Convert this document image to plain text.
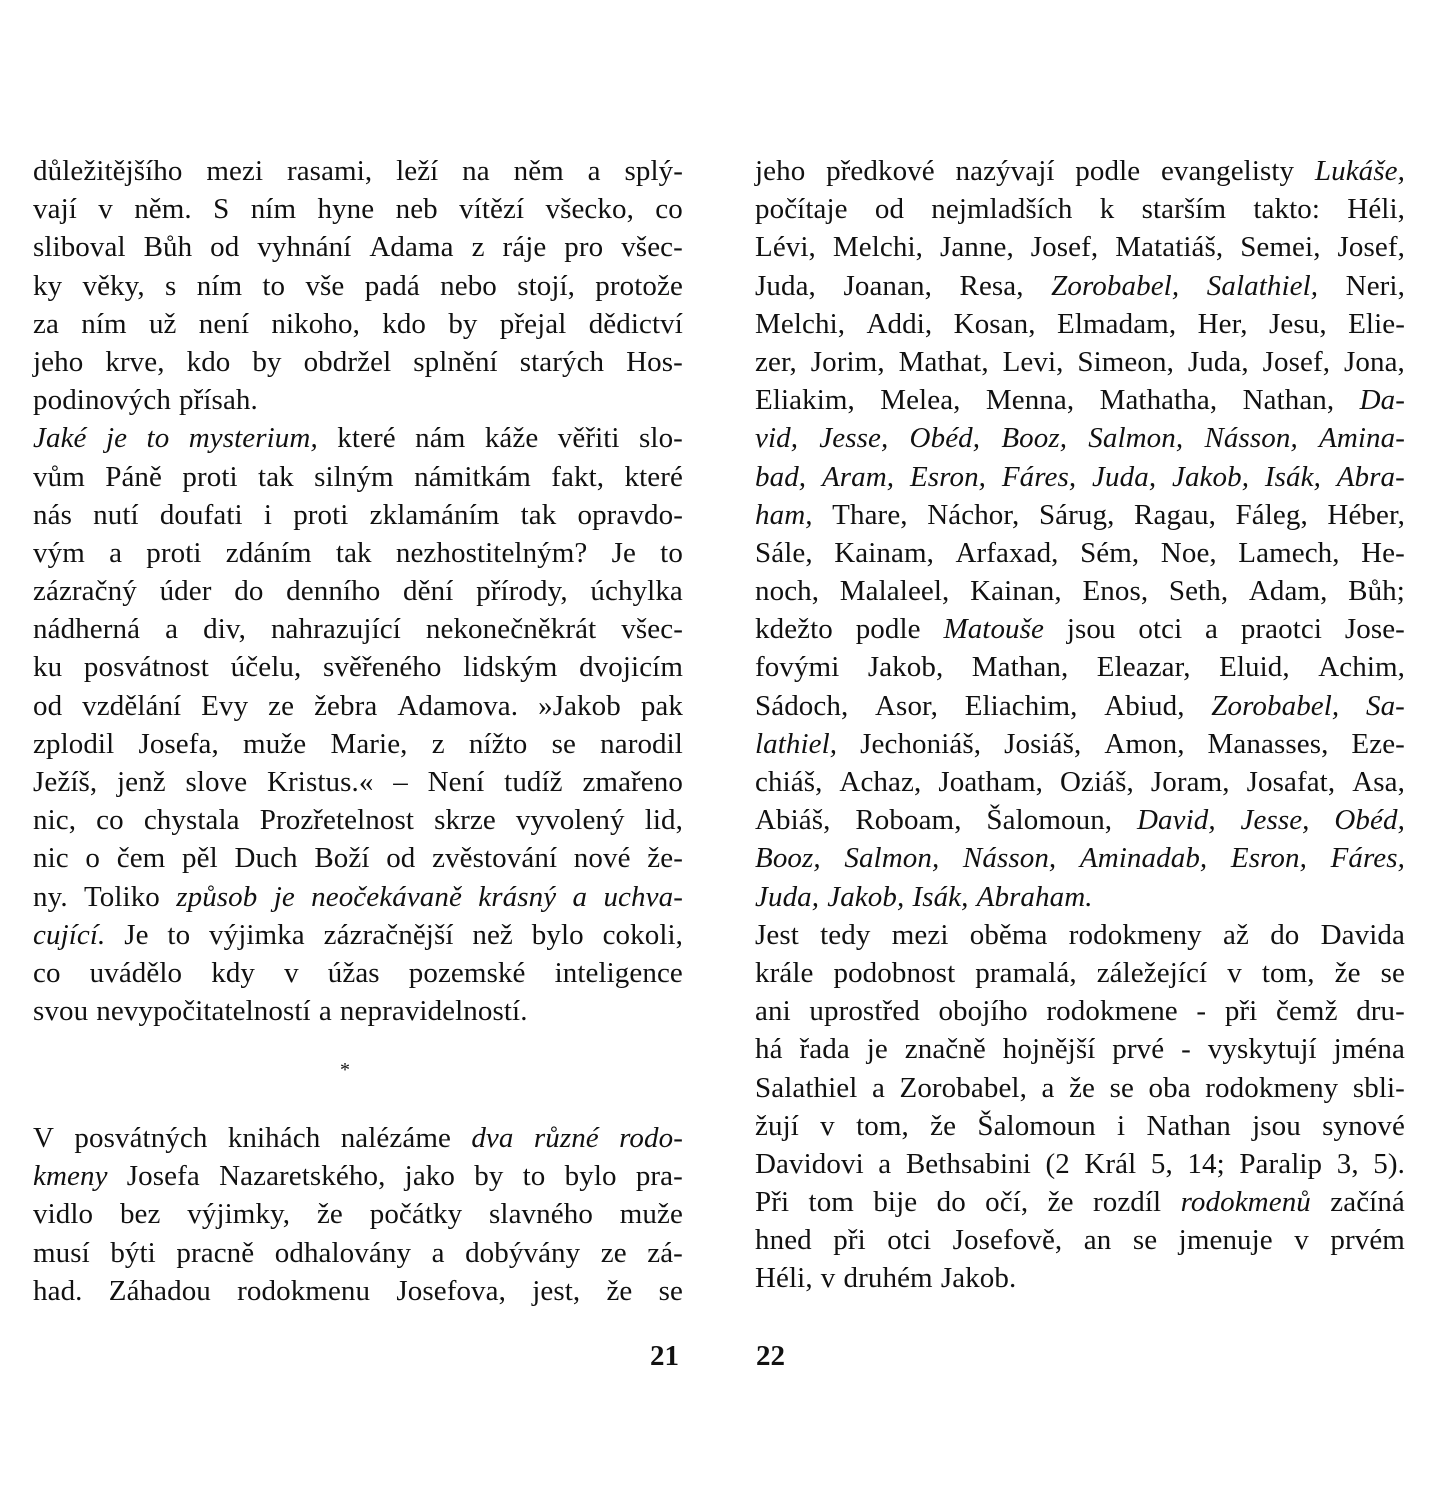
důležitějšího mezi rasami, leží na něm a splý-
vají v něm. S ním hyne neb vítězí všecko, co
sliboval Bůh od vyhnání Adama z ráje pro všec-
ky věky, s ním to vše padá nebo stojí, protože
za ním už není nikoho, kdo by přejal dědictví
jeho krve, kdo by obdržel splnění starých Hos-
podinových přísah.
Jaké je to mysterium, které nám káže věřiti slo-
vům Páně proti tak silným námitkám fakt, které
nás nutí doufati i proti zklamáním tak opravdo-
vým a proti zdáním tak nezhostitelným? Je to
zázračný úder do denního dění přírody, úchylka
nádherná a div, nahrazující nekonečněkrát všec-
ku posvátnost účelu, svěřeného lidským dvojicím
od vzdělání Evy ze žebra Adamova. »Jakob pak
zplodil Josefa, muže Marie, z nížto se narodil
Ježíš, jenž slove Kristus.« – Není tudíž zmařeno
nic, co chystala Prozřetelnost skrze vyvolený lid,
nic o čem pěl Duch Boží od zvěstování nové že-
ny. Toliko způsob je neočekávaně krásný a uchva-
cující. Je to výjimka zázračnější než bylo cokoli,
co uvádělo kdy v úžas pozemské inteligence
svou nevypočitatelností a nepravidelností.
*
V posvátných knihách nalézáme dva různé rodo-
kmeny Josefa Nazaretského, jako by to bylo pra-
vidlo bez výjimky, že počátky slavného muže
musí býti pracně odhalovány a dobývány ze zá-
had. Záhadou rodokmenu Josefova, jest, že se
21
jeho předkové nazývají podle evangelisty Lukáše,
počítaje od nejmladších k starším takto: Héli,
Lévi, Melchi, Janne, Josef, Matatiáš, Semei, Josef,
Juda, Joanan, Resa, Zorobabel, Salathiel, Neri,
Melchi, Addi, Kosan, Elmadam, Her, Jesu, Elie-
zer, Jorim, Mathat, Levi, Simeon, Juda, Josef, Jona,
Eliakim, Melea, Menna, Mathatha, Nathan, Da-
vid, Jesse, Obéd, Booz, Salmon, Násson, Amina-
bad, Aram, Esron, Fáres, Juda, Jakob, Isák, Abra-
ham, Thare, Náchor, Sárug, Ragau, Fáleg, Héber,
Sále, Kainam, Arfaxad, Sém, Noe, Lamech, He-
noch, Malaleel, Kainan, Enos, Seth, Adam, Bůh;
kdežto podle Matouše jsou otci a praotci Jose-
fovými Jakob, Mathan, Eleazar, Eluid, Achim,
Sádoch, Asor, Eliachim, Abiud, Zorobabel, Sa-
lathiel, Jechoniáš, Josiáš, Amon, Manasses, Eze-
chiáš, Achaz, Joatham, Oziáš, Joram, Josafat, Asa,
Abiáš, Roboam, Šalomoun, David, Jesse, Obéd,
Booz, Salmon, Násson, Aminadab, Esron, Fáres,
Juda, Jakob, Isák, Abraham.
Jest tedy mezi oběma rodokmeny až do Davida
krále podobnost pramalá, záležející v tom, že se
ani uprostřed obojího rodokmene - při čemž dru-
há řada je značně hojnější prvé - vyskytují jména
Salathiel a Zorobabel, a že se oba rodokmeny sbli-
žují v tom, že Šalomoun i Nathan jsou synové
Davidovi a Bethsabini (2 Král 5, 14; Paralip 3, 5).
Při tom bije do očí, že rozdíl rodokmenů začíná
hned při otci Josefově, an se jmenuje v prvém
Héli, v druhém Jakob.
22
